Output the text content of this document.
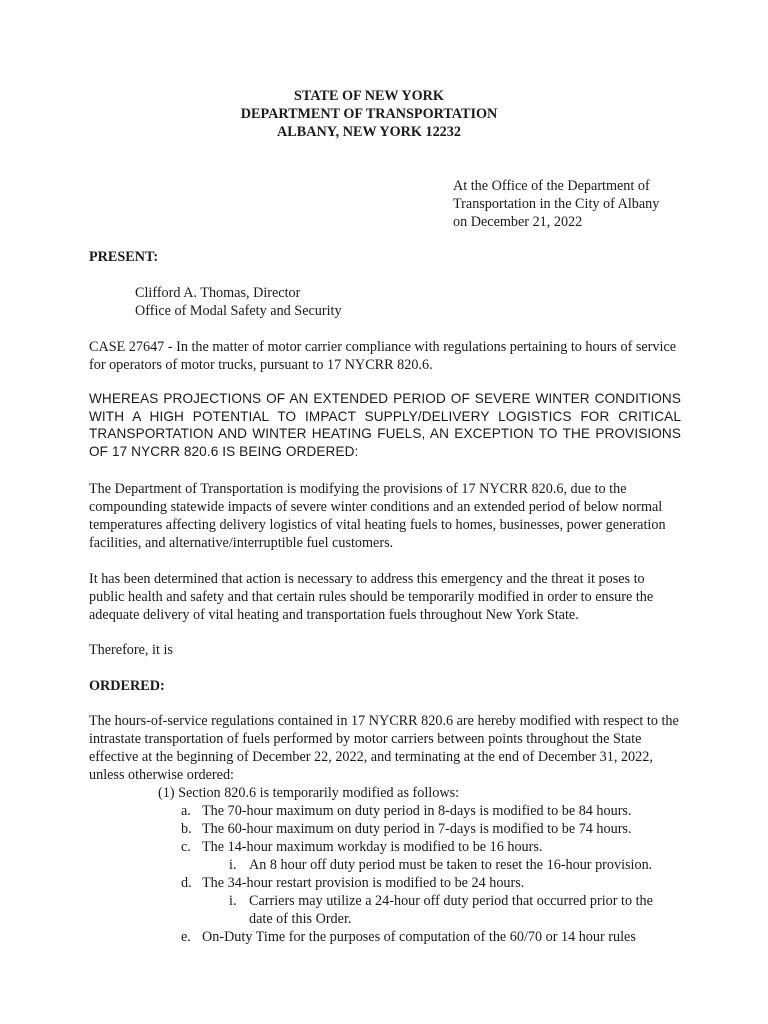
STATE OF NEW YORK
DEPARTMENT OF TRANSPORTATION
ALBANY, NEW YORK 12232
At the Office of the Department of
Transportation in the City of Albany
on December 21, 2022
PRESENT:
Clifford A. Thomas, Director
Office of Modal Safety and Security
CASE 27647 - In the matter of motor carrier compliance with regulations pertaining to hours of service for operators of motor trucks, pursuant to 17 NYCRR 820.6.
WHEREAS PROJECTIONS OF AN EXTENDED PERIOD OF SEVERE WINTER CONDITIONS WITH A HIGH POTENTIAL TO IMPACT SUPPLY/DELIVERY LOGISTICS FOR CRITICAL TRANSPORTATION AND WINTER HEATING FUELS, AN EXCEPTION TO THE PROVISIONS OF 17 NYCRR 820.6 IS BEING ORDERED:
The Department of Transportation is modifying the provisions of 17 NYCRR 820.6, due to the compounding statewide impacts of severe winter conditions and an extended period of below normal temperatures affecting delivery logistics of vital heating fuels to homes, businesses, power generation facilities, and alternative/interruptible fuel customers.
It has been determined that action is necessary to address this emergency and the threat it poses to public health and safety and that certain rules should be temporarily modified in order to ensure the adequate delivery of vital heating and transportation fuels throughout New York State.
Therefore, it is
ORDERED:
The hours-of-service regulations contained in 17 NYCRR 820.6 are hereby modified with respect to the intrastate transportation of fuels performed by motor carriers between points throughout the State effective at the beginning of December 22, 2022, and terminating at the end of December 31, 2022, unless otherwise ordered:
(1) Section 820.6 is temporarily modified as follows:
a. The 70-hour maximum on duty period in 8-days is modified to be 84 hours.
b. The 60-hour maximum on duty period in 7-days is modified to be 74 hours.
c. The 14-hour maximum workday is modified to be 16 hours.
i. An 8 hour off duty period must be taken to reset the 16-hour provision.
d. The 34-hour restart provision is modified to be 24 hours.
i. Carriers may utilize a 24-hour off duty period that occurred prior to the
date of this Order.
e. On-Duty Time for the purposes of computation of the 60/70 or 14 hour rules
